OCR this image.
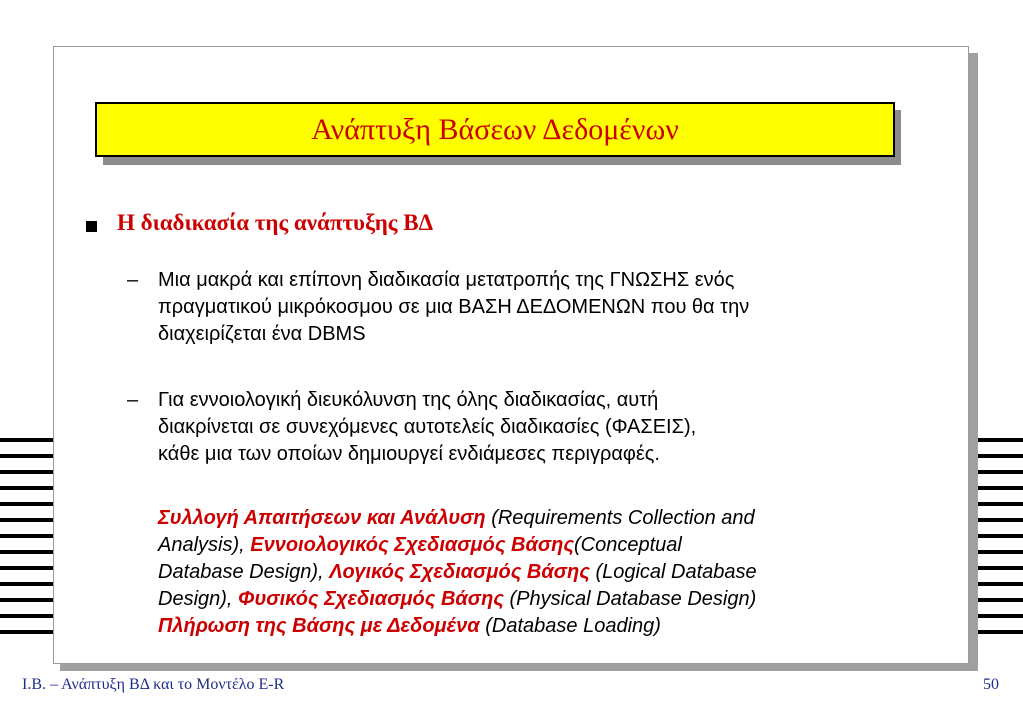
Ανάπτυξη Βάσεων Δεδομένων
Η διαδικασία της ανάπτυξης ΒΔ
– Μια μακρά και επίπονη διαδικασία μετατροπής της ΓΝΩΣΗΣ ενός
πραγματικού μικρόκοσμου σε μια ΒΑΣΗ ΔΕΔΟΜΕΝΩΝ που θα την
διαχειρίζεται ένα DBMS
– Για εννοιολογική διευκόλυνση της όλης διαδικασίας, αυτή
διακρίνεται σε συνεχόμενες αυτοτελείς διαδικασίες (ΦΑΣΕΙΣ),
κάθε μια των οποίων δημιουργεί ενδιάμεσες περιγραφές.
Συλλογή Απαιτήσεων και Ανάλυση (Requirements Collection and
Analysis), Εννοιολογικός Σχεδιασμός Βάσης(Conceptual
Database Design), Λογικός Σχεδιασμός Βάσης (Logical Database
Design), Φυσικός Σχεδιασμός Βάσης (Physical Database Design)
Πλήρωση της Βάσης με Δεδομένα (Database Loading)
Ι.Β. – Ανάπτυξη ΒΔ και το Μοντέλο Ε-R	50
